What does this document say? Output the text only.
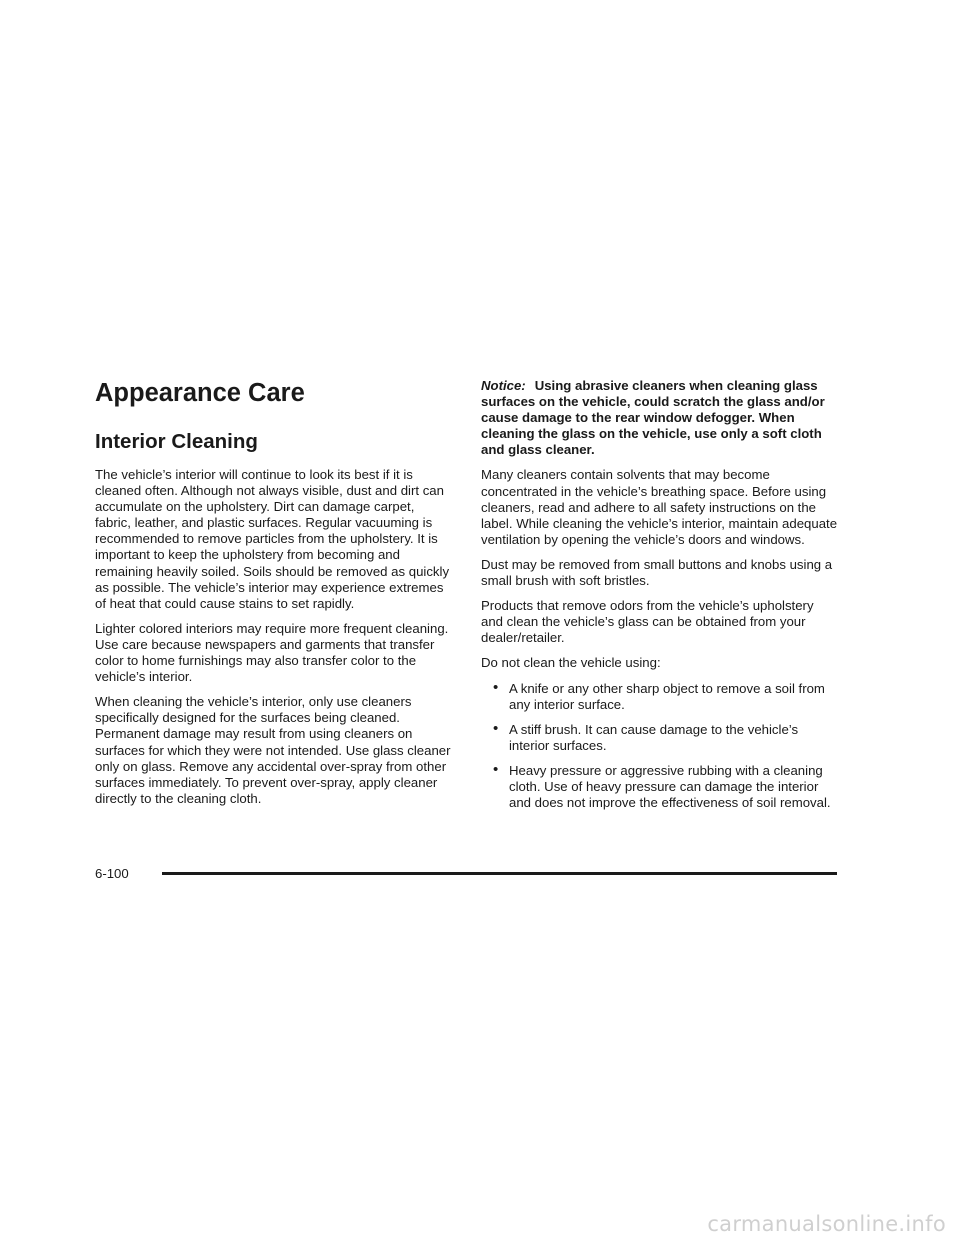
Appearance Care
Interior Cleaning

The vehicle’s interior will continue to look its best if it is cleaned often. Although not always visible, dust and dirt can accumulate on the upholstery. Dirt can damage carpet, fabric, leather, and plastic surfaces. Regular vacuuming is recommended to remove particles from the upholstery. It is important to keep the upholstery from becoming and remaining heavily soiled. Soils should be removed as quickly as possible. The vehicle’s interior may experience extremes of heat that could cause stains to set rapidly.

Lighter colored interiors may require more frequent cleaning. Use care because newspapers and garments that transfer color to home furnishings may also transfer color to the vehicle’s interior.

When cleaning the vehicle’s interior, only use cleaners specifically designed for the surfaces being cleaned. Permanent damage may result from using cleaners on surfaces for which they were not intended. Use glass cleaner only on glass. Remove any accidental over-spray from other surfaces immediately. To prevent over-spray, apply cleaner directly to the cleaning cloth.

Notice: Using abrasive cleaners when cleaning glass surfaces on the vehicle, could scratch the glass and/or cause damage to the rear window defogger. When cleaning the glass on the vehicle, use only a soft cloth and glass cleaner.

Many cleaners contain solvents that may become concentrated in the vehicle’s breathing space. Before using cleaners, read and adhere to all safety instructions on the label. While cleaning the vehicle’s interior, maintain adequate ventilation by opening the vehicle’s doors and windows.

Dust may be removed from small buttons and knobs using a small brush with soft bristles.

Products that remove odors from the vehicle’s upholstery and clean the vehicle’s glass can be obtained from your dealer/retailer.

Do not clean the vehicle using:

• A knife or any other sharp object to remove a soil from any interior surface.
• A stiff brush. It can cause damage to the vehicle’s interior surfaces.
• Heavy pressure or aggressive rubbing with a cleaning cloth. Use of heavy pressure can damage the interior and does not improve the effectiveness of soil removal.
6-100
carmanualsonline.info
